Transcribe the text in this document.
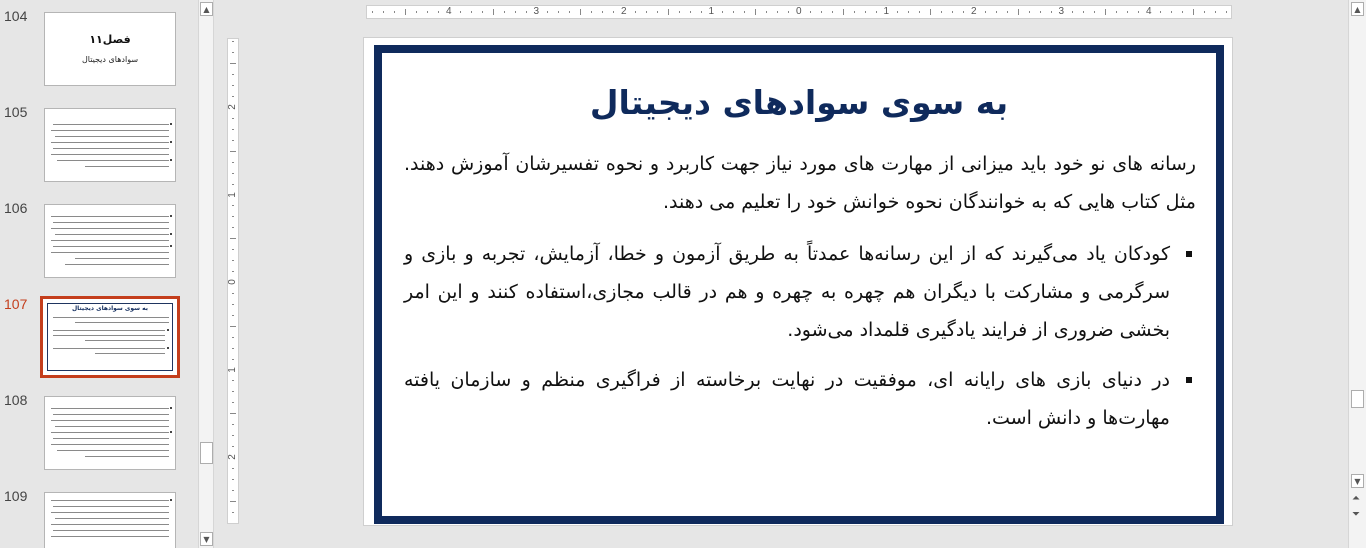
104
فصل۱۱
سوادهای دیجیتال
105
106
107	به سوی سوادهای دیجیتال
108
109
▲
▼
4	3	2	1	0	1	2	3	4
2
1
0
1
2
به سوی سوادهای دیجیتال
رسانه های نو خود باید میزانی از مهارت های مورد نیاز جهت کاربرد و نحوه تفسیرشان آموزش دهند. مثل کتاب هایی که به خوانندگان نحوه خوانش خود را تعلیم می دهند.
کودکان یاد می‌گیرند که از این رسانه‌ها عمدتاً به طریق آزمون و خطا، آزمایش، تجربه و بازی و سرگرمی و مشارکت با دیگران هم چهره به چهره و هم در قالب مجازی،استفاده کنند و این امر بخشی ضروری از فرایند یادگیری قلمداد می‌شود.
در دنیای بازی های رایانه ای، موفقیت در نهایت برخاسته از فراگیری منظم و سازمان یافته مهارت‌ها و دانش است.
▲
▼
⏶
⏷
